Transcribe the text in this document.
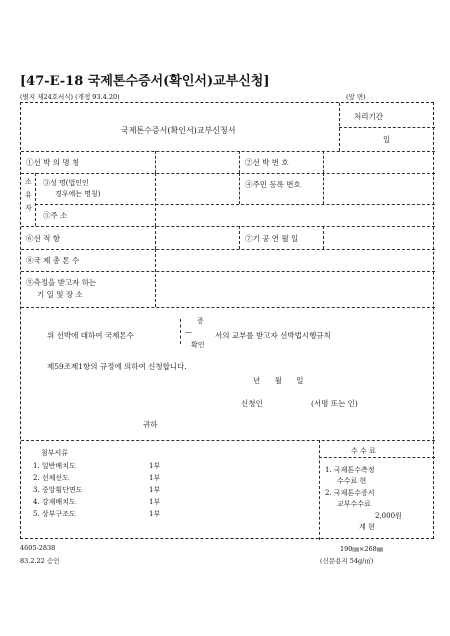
[47-E-18 국제톤수증서(확인서)교부신청]
(별지 제24호서식) (개정 93.4.20)	(앞 면)
국제톤수증서(확인서)교부신청서
처리기간
일
①선 박 의 명 칭	②선 박 번 호
소
유
자
③성 명(법인인
경우에는 명칭)
④주민 등록 번호
⑤주 소
⑥선 적 항	⑦기 공 연 월 일
⑧국 제 총 톤 수
⑨측정을 받고자 하는
기 일 및 장 소
위 선박에 대하여 국제톤수
증
—
확인
서의 교부를 받고자 선박법시행규칙
제59조제1항의 규정에 의하여 신청합니다.
년 월 일
신청인	(서명 또는 인)
귀하
첨부서류
1. 일반배치도	1부
2. 선체선도	1부
3. 중앙횡단면도	1부
4. 강재배치도	1부
5. 상부구조도	1부
수 수 료
1. 국제톤수측정
수수료 현
2. 국제톤수증서
교부수수료
2,000원
계 현
4605-2838
83.2.22 승인
190㎜×268㎜
(신문용지 54g/㎡)
